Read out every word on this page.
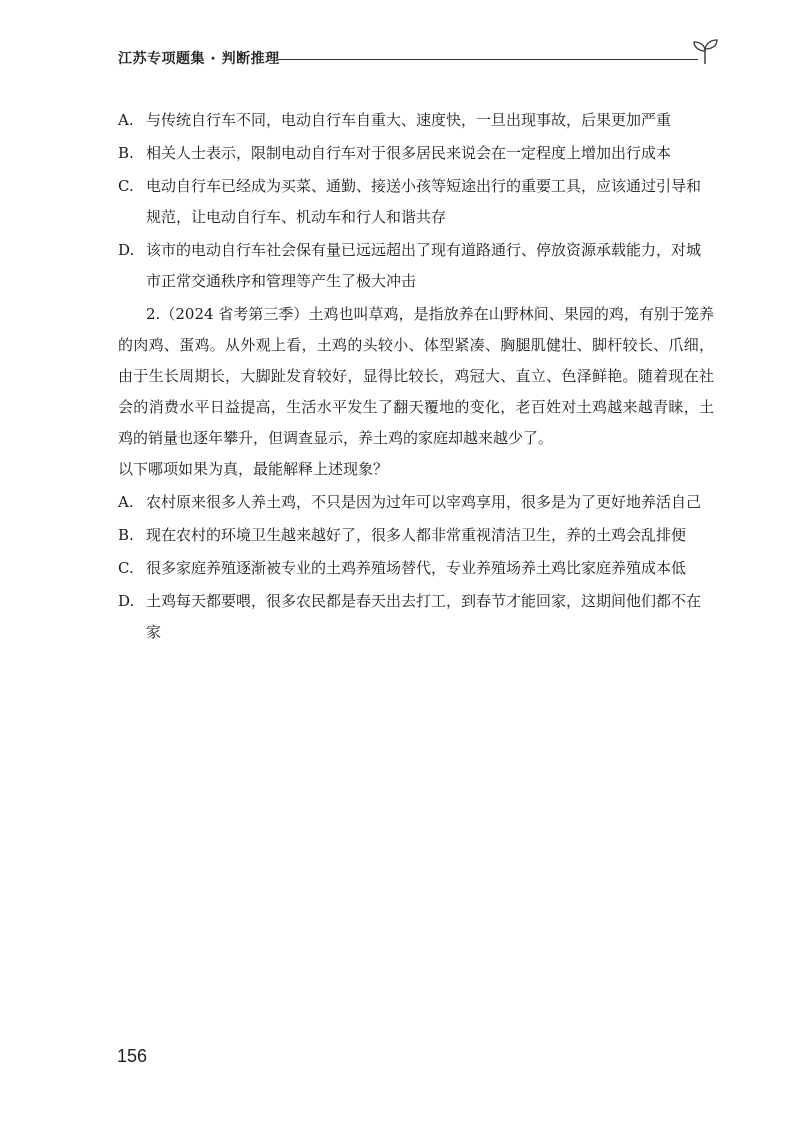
江苏专项题集 · 判断推理
A. 与传统自行车不同，电动自行车自重大、速度快，一旦出现事故，后果更加严重
B. 相关人士表示，限制电动自行车对于很多居民来说会在一定程度上增加出行成本
C. 电动自行车已经成为买菜、通勤、接送小孩等短途出行的重要工具，应该通过引导和规范，让电动自行车、机动车和行人和谐共存
D. 该市的电动自行车社会保有量已远远超出了现有道路通行、停放资源承载能力，对城市正常交通秩序和管理等产生了极大冲击

2.（2024 省考第三季）土鸡也叫草鸡，是指放养在山野林间、果园的鸡，有别于笼养的肉鸡、蛋鸡。从外观上看，土鸡的头较小、体型紧凑、胸腿肌健壮、脚杆较长、爪细，由于生长周期长，大脚趾发育较好，显得比较长，鸡冠大、直立、色泽鲜艳。随着现在社会的消费水平日益提高，生活水平发生了翻天覆地的变化，老百姓对土鸡越来越青睐，土鸡的销量也逐年攀升，但调查显示，养土鸡的家庭却越来越少了。

以下哪项如果为真，最能解释上述现象？

A. 农村原来很多人养土鸡，不只是因为过年可以宰鸡享用，很多是为了更好地养活自己
B. 现在农村的环境卫生越来越好了，很多人都非常重视清洁卫生，养的土鸡会乱排便
C. 很多家庭养殖逐渐被专业的土鸡养殖场替代，专业养殖场养土鸡比家庭养殖成本低
D. 土鸡每天都要喂，很多农民都是春天出去打工，到春节才能回家，这期间他们都不在家
156
